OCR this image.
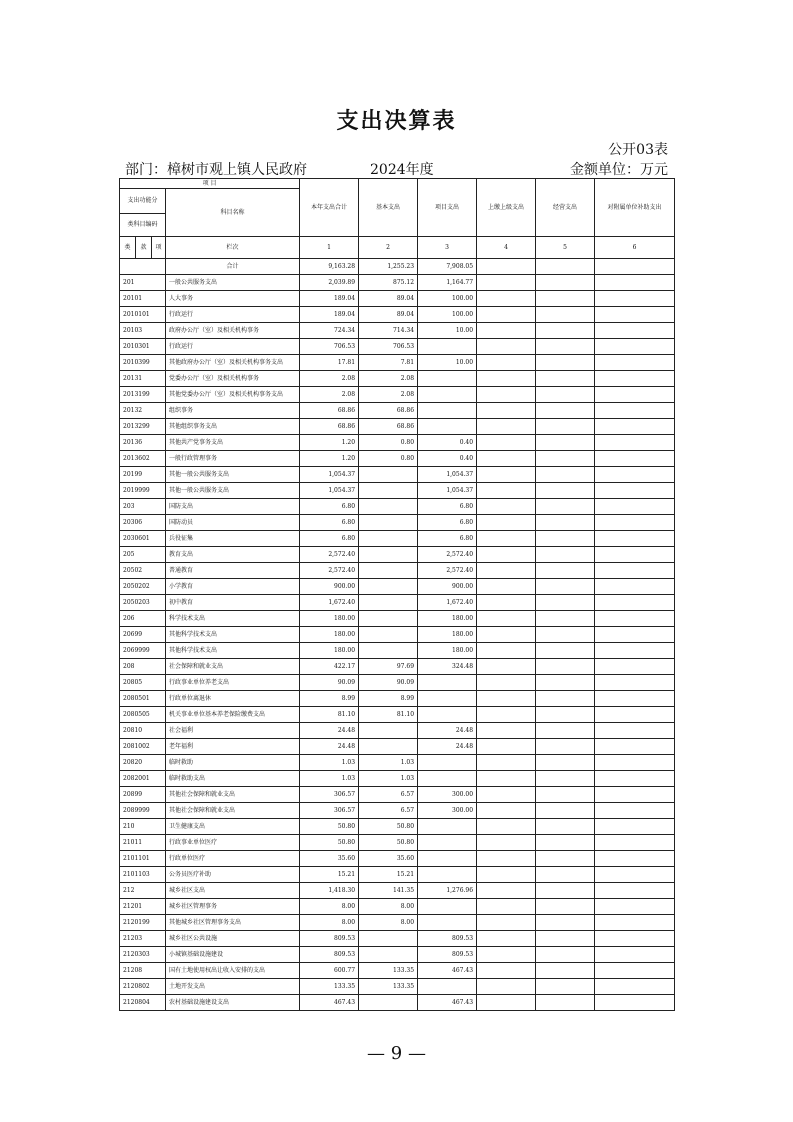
支出决算表
公开03表
部门：樟树市观上镇人民政府	2024年度	金额单位：万元
项 目				本年支出合计	基本支出	项目支出	上缴上级支出	经营支出	对附属单位补助支出
支出功能分			科目名称						
类科目编码									
类	款	项	栏次	1	2	3	4	5	6
			合计	9,163.28	1,255.23	7,908.05			
201			一般公共服务支出	2,039.89	875.12	1,164.77			
20101			人大事务	189.04	89.04	100.00			
2010101			行政运行	189.04	89.04	100.00			
20103			政府办公厅（室）及相关机构事务	724.34	714.34	10.00			
2010301			行政运行	706.53	706.53				
2010399			其他政府办公厅（室）及相关机构事务支出	17.81	7.81	10.00			
20131			党委办公厅（室）及相关机构事务	2.08	2.08				
2013199			其他党委办公厅（室）及相关机构事务支出	2.08	2.08				
20132			组织事务	68.86	68.86				
2013299			其他组织事务支出	68.86	68.86				
20136			其他共产党事务支出	1.20	0.80	0.40			
2013602			一般行政管理事务	1.20	0.80	0.40			
20199			其他一般公共服务支出	1,054.37		1,054.37			
2019999			其他一般公共服务支出	1,054.37		1,054.37			
203			国防支出	6.80		6.80			
20306			国防动员	6.80		6.80			
2030601			兵役征集	6.80		6.80			
205			教育支出	2,572.40		2,572.40			
20502			普通教育	2,572.40		2,572.40			
2050202			小学教育	900.00		900.00			
2050203			初中教育	1,672.40		1,672.40			
206			科学技术支出	180.00		180.00			
20699			其他科学技术支出	180.00		180.00			
2069999			其他科学技术支出	180.00		180.00			
208			社会保障和就业支出	422.17	97.69	324.48			
20805			行政事业单位养老支出	90.09	90.09				
2080501			行政单位离退休	8.99	8.99				
2080505			机关事业单位基本养老保险缴费支出	81.10	81.10				
20810			社会福利	24.48		24.48			
2081002			老年福利	24.48		24.48			
20820			临时救助	1.03	1.03				
2082001			临时救助支出	1.03	1.03				
20899			其他社会保障和就业支出	306.57	6.57	300.00			
2089999			其他社会保障和就业支出	306.57	6.57	300.00			
210			卫生健康支出	50.80	50.80				
21011			行政事业单位医疗	50.80	50.80				
2101101			行政单位医疗	35.60	35.60				
2101103			公务员医疗补助	15.21	15.21				
212			城乡社区支出	1,418.30	141.35	1,276.96			
21201			城乡社区管理事务	8.00	8.00				
2120199			其他城乡社区管理事务支出	8.00	8.00				
21203			城乡社区公共设施	809.53		809.53			
2120303			小城镇基础设施建设	809.53		809.53			
21208			国有土地使用权出让收入安排的支出	600.77	133.35	467.43			
2120802			土地开发支出	133.35	133.35				
2120804			农村基础设施建设支出	467.43		467.43			
— 9 —
